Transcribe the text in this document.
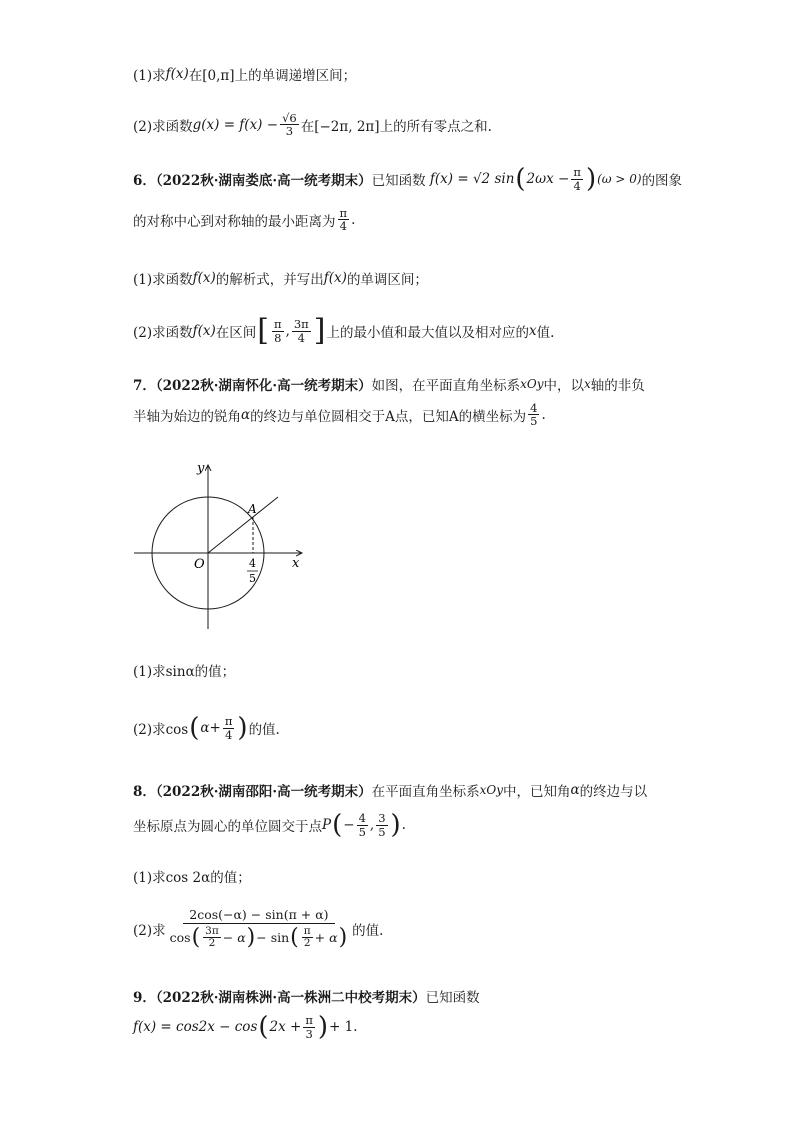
(1)求 f(x) 在[0,π]上的单调递增区间；
(2)求函数 $g(x) = f(x) - \frac{√6}{3}$ 在[−2π, 2π]上的所有零点之和.
6．（2022秋·湖南娄底·高一统考期末） 已知函数
f(x) = √2 sin ( $2\omega x - \frac{\pi}{4}$ ) (ω > 0) 的图象
的对称中心到对称轴的最小距离为 $\frac{\pi}{4}$ .
(1)求函数 f(x) 的解析式，并写出 f(x) 的单调区间；
(2)求函数 f(x) 在区间 [ $\frac{\pi}{8}$ , $\frac{3\pi}{4}$ ] 上的最小值和最大值以及相对应的 x 值.
7．（2022秋·湖南怀化·高一统考期末） 如图，在平面直角坐标系 xOy 中，以 x 轴的非负
半轴为始边的锐角 α 的终边与单位圆相交于A点，已知A的横坐标为 $\frac{4}{5}$ .
y
x
O
A
4
5
(1)求sinα的值；
(2)求cos ( $\alpha+ \frac{\pi}{4}$ ) 的值.
8．（2022秋·湖南邵阳·高一统考期末） 在平面直角坐标系 xOy 中，已知角 α 的终边与以
坐标原点为圆心的单位圆交于点 P ( − $\frac{4}{5}$ , $\frac{3}{5}$ ) .
(1)求cos 2α的值；
(2)求
2cos(−α) − sin(π + α)
cos ( $\frac{3\pi}{2} - \alpha$ ) − sin ( $\frac{\pi}{2} + \alpha$ ) 的值.
9．（2022秋·湖南株洲·高一株洲二中校考期末） 已知函数
f(x) = cos2x − cos ( $2x + \frac{\pi}{3}$ ) + 1.
